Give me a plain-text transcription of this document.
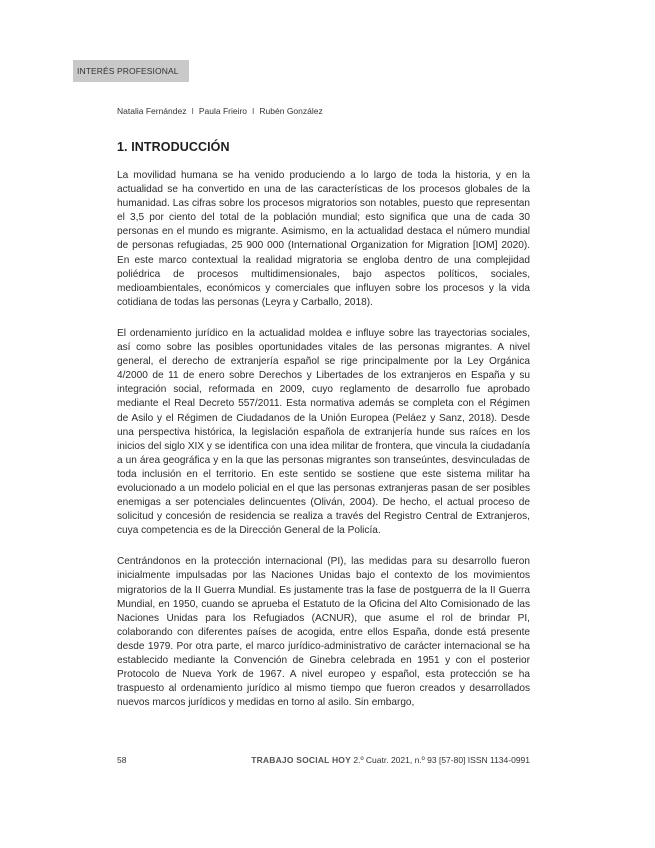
INTERÉS PROFESIONAL
Natalia Fernández I Paula Frieiro I Rubén González
1. INTRODUCCIÓN

La movilidad humana se ha venido produciendo a lo largo de toda la historia, y en la actualidad se ha convertido en una de las características de los procesos globales de la humanidad. Las cifras sobre los procesos migratorios son notables, puesto que representan el 3,5 por ciento del total de la población mundial; esto significa que una de cada 30 personas en el mundo es migrante. Asimismo, en la actualidad destaca el número mundial de personas refugiadas, 25 900 000 (International Organization for Migration [IOM] 2020). En este marco contextual la realidad migratoria se engloba dentro de una complejidad poliédrica de procesos multidimensionales, bajo aspectos políticos, sociales, medioambientales, económicos y comerciales que influyen sobre los procesos y la vida cotidiana de todas las personas (Leyra y Carballo, 2018).

El ordenamiento jurídico en la actualidad moldea e influye sobre las trayectorias sociales, así como sobre las posibles oportunidades vitales de las personas migrantes. A nivel general, el derecho de extranjería español se rige principalmente por la Ley Orgánica 4/2000 de 11 de enero sobre Derechos y Libertades de los extranjeros en España y su integración social, reformada en 2009, cuyo reglamento de desarrollo fue aprobado mediante el Real Decreto 557/2011. Esta normativa además se completa con el Régimen de Asilo y el Régimen de Ciudadanos de la Unión Europea (Peláez y Sanz, 2018). Desde una perspectiva histórica, la legislación española de extranjería hunde sus raíces en los inicios del siglo XIX y se identifica con una idea militar de frontera, que vincula la ciudadanía a un área geográfica y en la que las personas migrantes son transeúntes, desvinculadas de toda inclusión en el territorio. En este sentido se sostiene que este sistema militar ha evolucionado a un modelo policial en el que las personas extranjeras pasan de ser posibles enemigas a ser potenciales delincuentes (Oliván, 2004). De hecho, el actual proceso de solicitud y concesión de residencia se realiza a través del Registro Central de Extranjeros, cuya competencia es de la Dirección General de la Policía.

Centrándonos en la protección internacional (PI), las medidas para su desarrollo fueron inicialmente impulsadas por las Naciones Unidas bajo el contexto de los movimientos migratorios de la II Guerra Mundial. Es justamente tras la fase de postguerra de la II Guerra Mundial, en 1950, cuando se aprueba el Estatuto de la Oficina del Alto Comisionado de las Naciones Unidas para los Refugiados (ACNUR), que asume el rol de brindar PI, colaborando con diferentes países de acogida, entre ellos España, donde está presente desde 1979. Por otra parte, el marco jurídico-administrativo de carácter internacional se ha establecido mediante la Convención de Ginebra celebrada en 1951 y con el posterior Protocolo de Nueva York de 1967. A nivel europeo y español, esta protección se ha traspuesto al ordenamiento jurídico al mismo tiempo que fueron creados y desarrollados nuevos marcos jurídicos y medidas en torno al asilo. Sin embargo,

58	TRABAJO SOCIAL HOY 2.º Cuatr. 2021, n.º 93 [57-80] ISSN 1134-0991
